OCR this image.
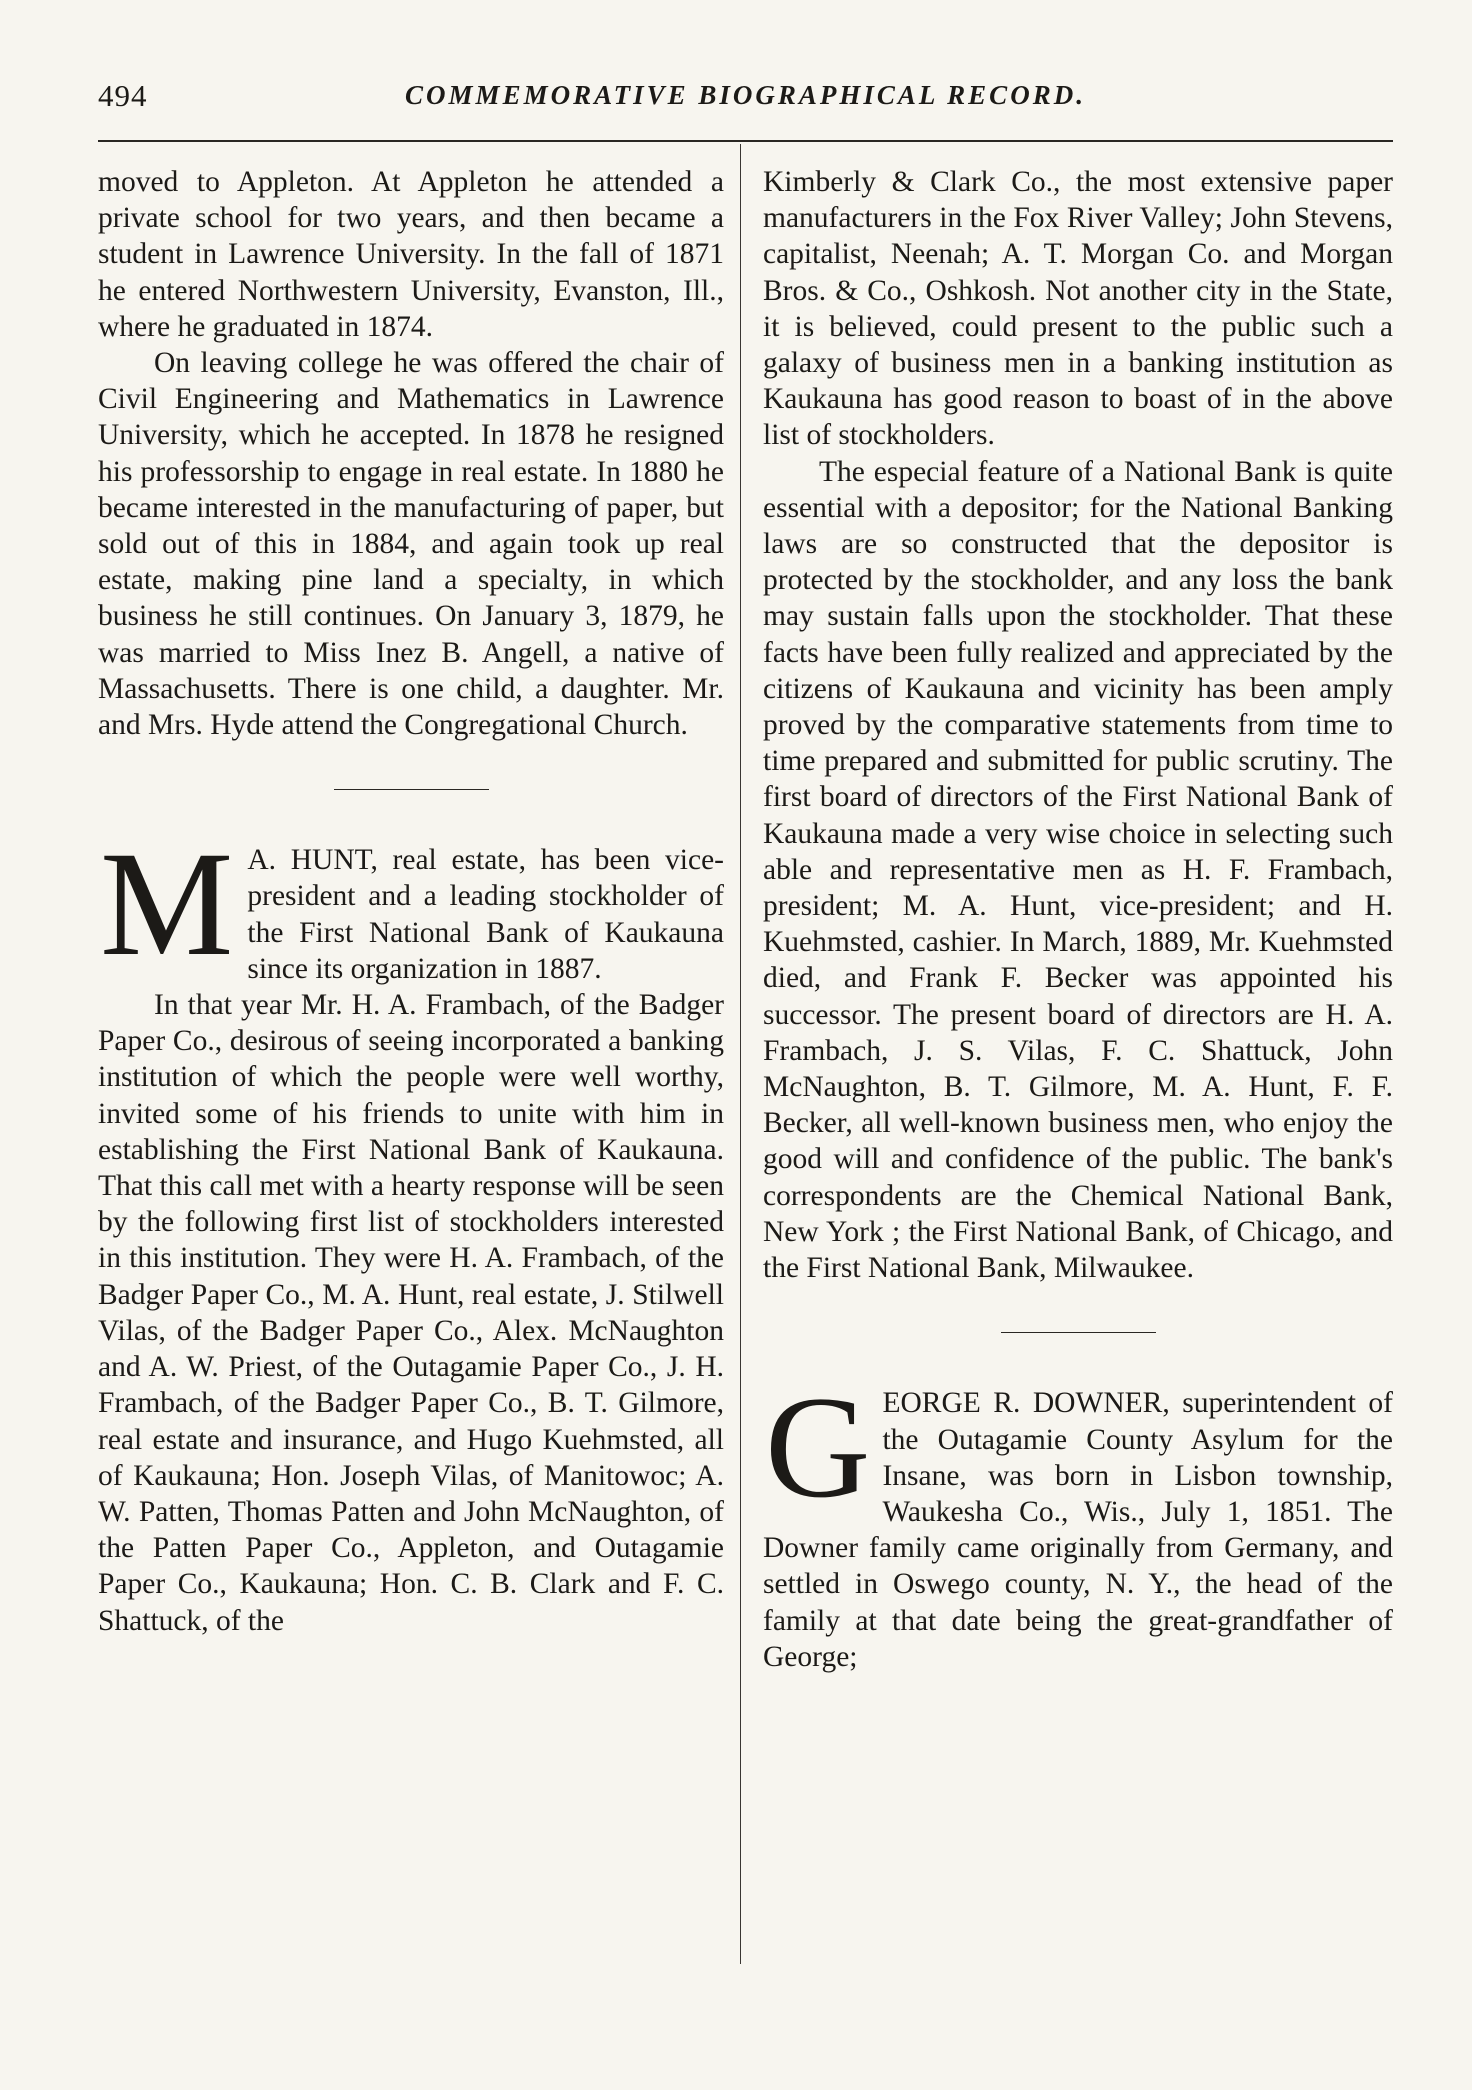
494	COMMEMORATIVE BIOGRAPHICAL RECORD.

moved to Appleton. At Appleton he attended a private school for two years, and then became a student in Lawrence University. In the fall of 1871 he entered Northwestern University, Evanston, Ill., where he graduated in 1874.

On leaving college he was offered the chair of Civil Engineering and Mathematics in Lawrence University, which he accepted. In 1878 he resigned his professorship to engage in real estate. In 1880 he became interested in the manufacturing of paper, but sold out of this in 1884, and again took up real estate, making pine land a specialty, in which business he still continues. On January 3, 1879, he was married to Miss Inez B. Angell, a native of Massachusetts. There is one child, a daughter. Mr. and Mrs. Hyde attend the Congregational Church.

M A. HUNT, real estate, has been vice-president and a leading stockholder of the First National Bank of Kaukauna since its organization in 1887.

In that year Mr. H. A. Frambach, of the Badger Paper Co., desirous of seeing incorporated a banking institution of which the people were well worthy, invited some of his friends to unite with him in establishing the First National Bank of Kaukauna. That this call met with a hearty response will be seen by the following first list of stockholders interested in this institution. They were H. A. Frambach, of the Badger Paper Co., M. A. Hunt, real estate, J. Stilwell Vilas, of the Badger Paper Co., Alex. McNaughton and A. W. Priest, of the Outagamie Paper Co., J. H. Frambach, of the Badger Paper Co., B. T. Gilmore, real estate and insurance, and Hugo Kuehmsted, all of Kaukauna; Hon. Joseph Vilas, of Manitowoc; A. W. Patten, Thomas Patten and John McNaughton, of the Patten Paper Co., Appleton, and Outagamie Paper Co., Kaukauna; Hon. C. B. Clark and F. C. Shattuck, of the

Kimberly & Clark Co., the most extensive paper manufacturers in the Fox River Valley; John Stevens, capitalist, Neenah; A. T. Morgan Co. and Morgan Bros. & Co., Oshkosh. Not another city in the State, it is believed, could present to the public such a galaxy of business men in a banking institution as Kaukauna has good reason to boast of in the above list of stockholders.

The especial feature of a National Bank is quite essential with a depositor; for the National Banking laws are so constructed that the depositor is protected by the stockholder, and any loss the bank may sustain falls upon the stockholder. That these facts have been fully realized and appreciated by the citizens of Kaukauna and vicinity has been amply proved by the comparative statements from time to time prepared and submitted for public scrutiny. The first board of directors of the First National Bank of Kaukauna made a very wise choice in selecting such able and representative men as H. F. Frambach, president; M. A. Hunt, vice-president; and H. Kuehmsted, cashier. In March, 1889, Mr. Kuehmsted died, and Frank F. Becker was appointed his successor. The present board of directors are H. A. Frambach, J. S. Vilas, F. C. Shattuck, John McNaughton, B. T. Gilmore, M. A. Hunt, F. F. Becker, all well-known business men, who enjoy the good will and confidence of the public. The bank's correspondents are the Chemical National Bank, New York ; the First National Bank, of Chicago, and the First National Bank, Milwaukee.

G EORGE R. DOWNER, superintendent of the Outagamie County Asylum for the Insane, was born in Lisbon township, Waukesha Co., Wis., July 1, 1851. The Downer family came originally from Germany, and settled in Oswego county, N. Y., the head of the family at that date being the great-grandfather of George;
